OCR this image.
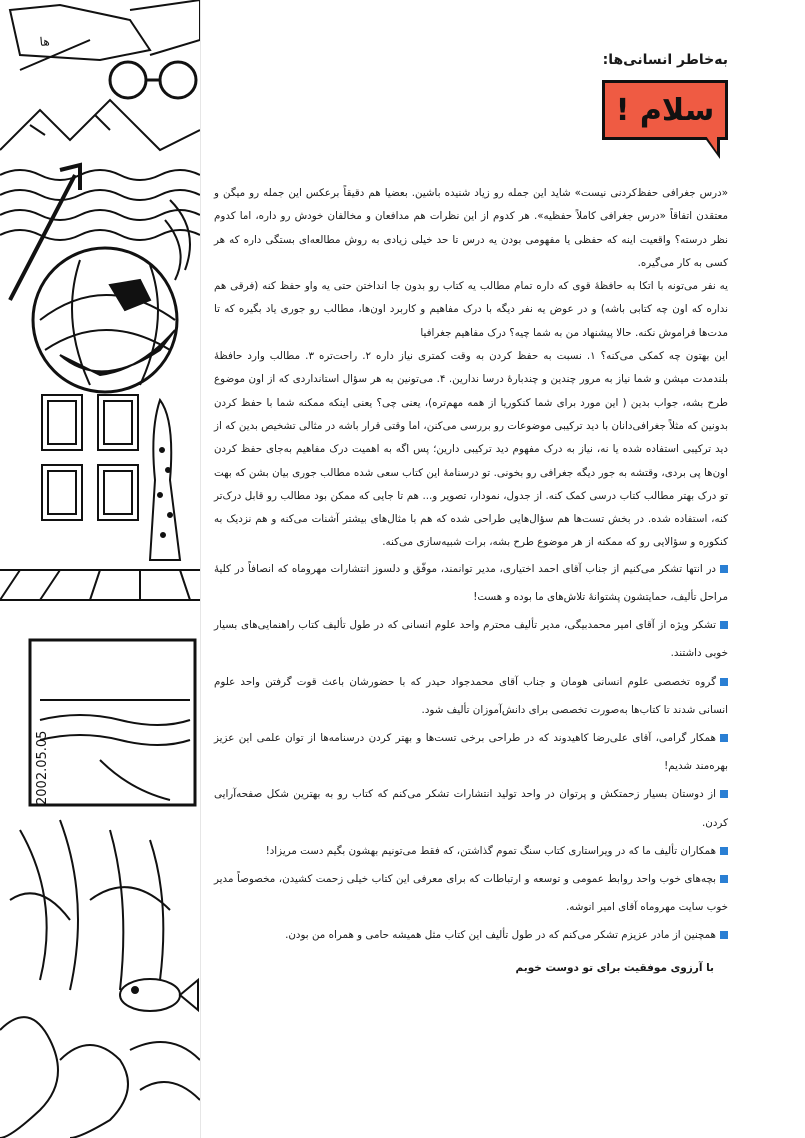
ها
2002.05.05
به‌خاطر انسانی‌ها:
سلام !

«درس جغرافی حفظ‌کردنی نیست» شاید این جمله رو زیاد شنیده باشین. بعضیا هم دقیقاً برعکس این جمله رو میگن و معتقدن اتفاقاً «درس جغرافی کاملاً حفظیه». هر کدوم از این نظرات هم مدافعان و مخالفان خودش رو داره، اما کدوم نظر درسته؟ واقعیت اینه که حفظی یا مفهومی بودن یه درس تا حد خیلی زیادی به روش مطالعه‌ای بستگی داره که هر کسی به کار می‌گیره.

یه نفر می‌تونه با اتکا به حافظهٔ قوی که داره تمام مطالب یه کتاب رو بدون جا انداختن حتی یه واو حفظ کنه (فرقی هم نداره که اون چه کتابی باشه) و در عوض یه نفر دیگه با درک مفاهیم و کاربرد اون‌ها، مطالب رو جوری یاد بگیره که تا مدت‌ها فراموش نکنه. حالا پیشنهاد من به شما چیه؟ درک مفاهیم جغرافیا

این بهتون چه کمکی می‌کنه؟ ۱. نسبت به حفظ کردن به وقت کمتری نیاز داره ۲. راحت‌تره ۳. مطالب وارد حافظهٔ بلندمدت میشن و شما نیاز به مرور چندین و چندبارهٔ درسا ندارین. ۴. می‌تونین به هر سؤال استانداردی که از اون موضوع طرح بشه، جواب بدین ( این مورد برای شما کنکوریا از همه مهم‌تره)، یعنی چی؟ یعنی اینکه ممکنه شما با حفظ کردن بدونین که مثلاً جغرافی‌دانان با دید ترکیبی موضوعات رو بررسی می‌کنن، اما وقتی قرار باشه در مثالی تشخیص بدین که از دید ترکیبی استفاده شده یا نه، نیاز به درک مفهوم دید ترکیبی دارین؛ پس اگه به اهمیت درک مفاهیم به‌جای حفظ کردن اون‌ها پی بردی، وقتشه به جور دیگه جغرافی رو بخونی. تو درسنامهٔ این کتاب سعی شده مطالب جوری بیان بشن که بهت تو درک بهتر مطالب کتاب درسی کمک کنه. از جدول، نمودار، تصویر و... هم تا جایی که ممکن بود مطالب رو قابل درک‌تر کنه، استفاده شده. در بخش تست‌ها هم سؤال‌هایی طراحی شده که هم با مثال‌های بیشتر آشنات می‌کنه و هم نزدیک به کنکوره و سؤالایی رو که ممکنه از هر موضوع طرح بشه، برات شبیه‌سازی می‌کنه.

در انتها تشکر می‌کنیم از جناب آقای احمد اختیاری، مدیر توانمند، موفّق و دلسوز انتشارات مهروماه که انصافاً در کلیهٔ مراحل تألیف، حمایتشون پشتوانهٔ تلاش‌های ما بوده و هست!

تشکر ویژه از آقای امیر محمدبیگی، مدیر تألیف محترم واحد علوم انسانی که در طول تألیف کتاب راهنمایی‌های بسیار خوبی داشتند.

گروه تخصصی علوم انسانی هومان و جناب آقای محمدجواد حیدر که با حضورشان باعث قوت گرفتن واحد علوم انسانی شدند تا کتاب‌ها به‌صورت تخصصی برای دانش‌آموزان تألیف شود.

همکار گرامی، آقای علی‌رضا کاهیدوند که در طراحی برخی تست‌ها و بهتر کردن درسنامه‌ها از توان علمی این عزیز بهره‌مند شدیم!

از دوستان بسیار زحمتکش و پرتوان در واحد تولید انتشارات تشکر می‌کنم که کتاب رو به بهترین شکل صفحه‌آرایی کردن.

همکاران تألیف ما که در ویراستاری کتاب سنگ تموم گذاشتن، که فقط می‌تونیم بهشون بگیم دست مریزاد!

بچه‌های خوب واحد روابط عمومی و توسعه و ارتباطات که برای معرفی این کتاب خیلی زحمت کشیدن، مخصوصاً مدیر خوب سایت مهروماه آقای امیر انوشه.

همچنین از مادر عزیزم تشکر می‌کنم که در طول تألیف این کتاب مثل همیشه حامی و همراه من بودن.

با آرزوی موفقیت برای تو دوست خوبم
